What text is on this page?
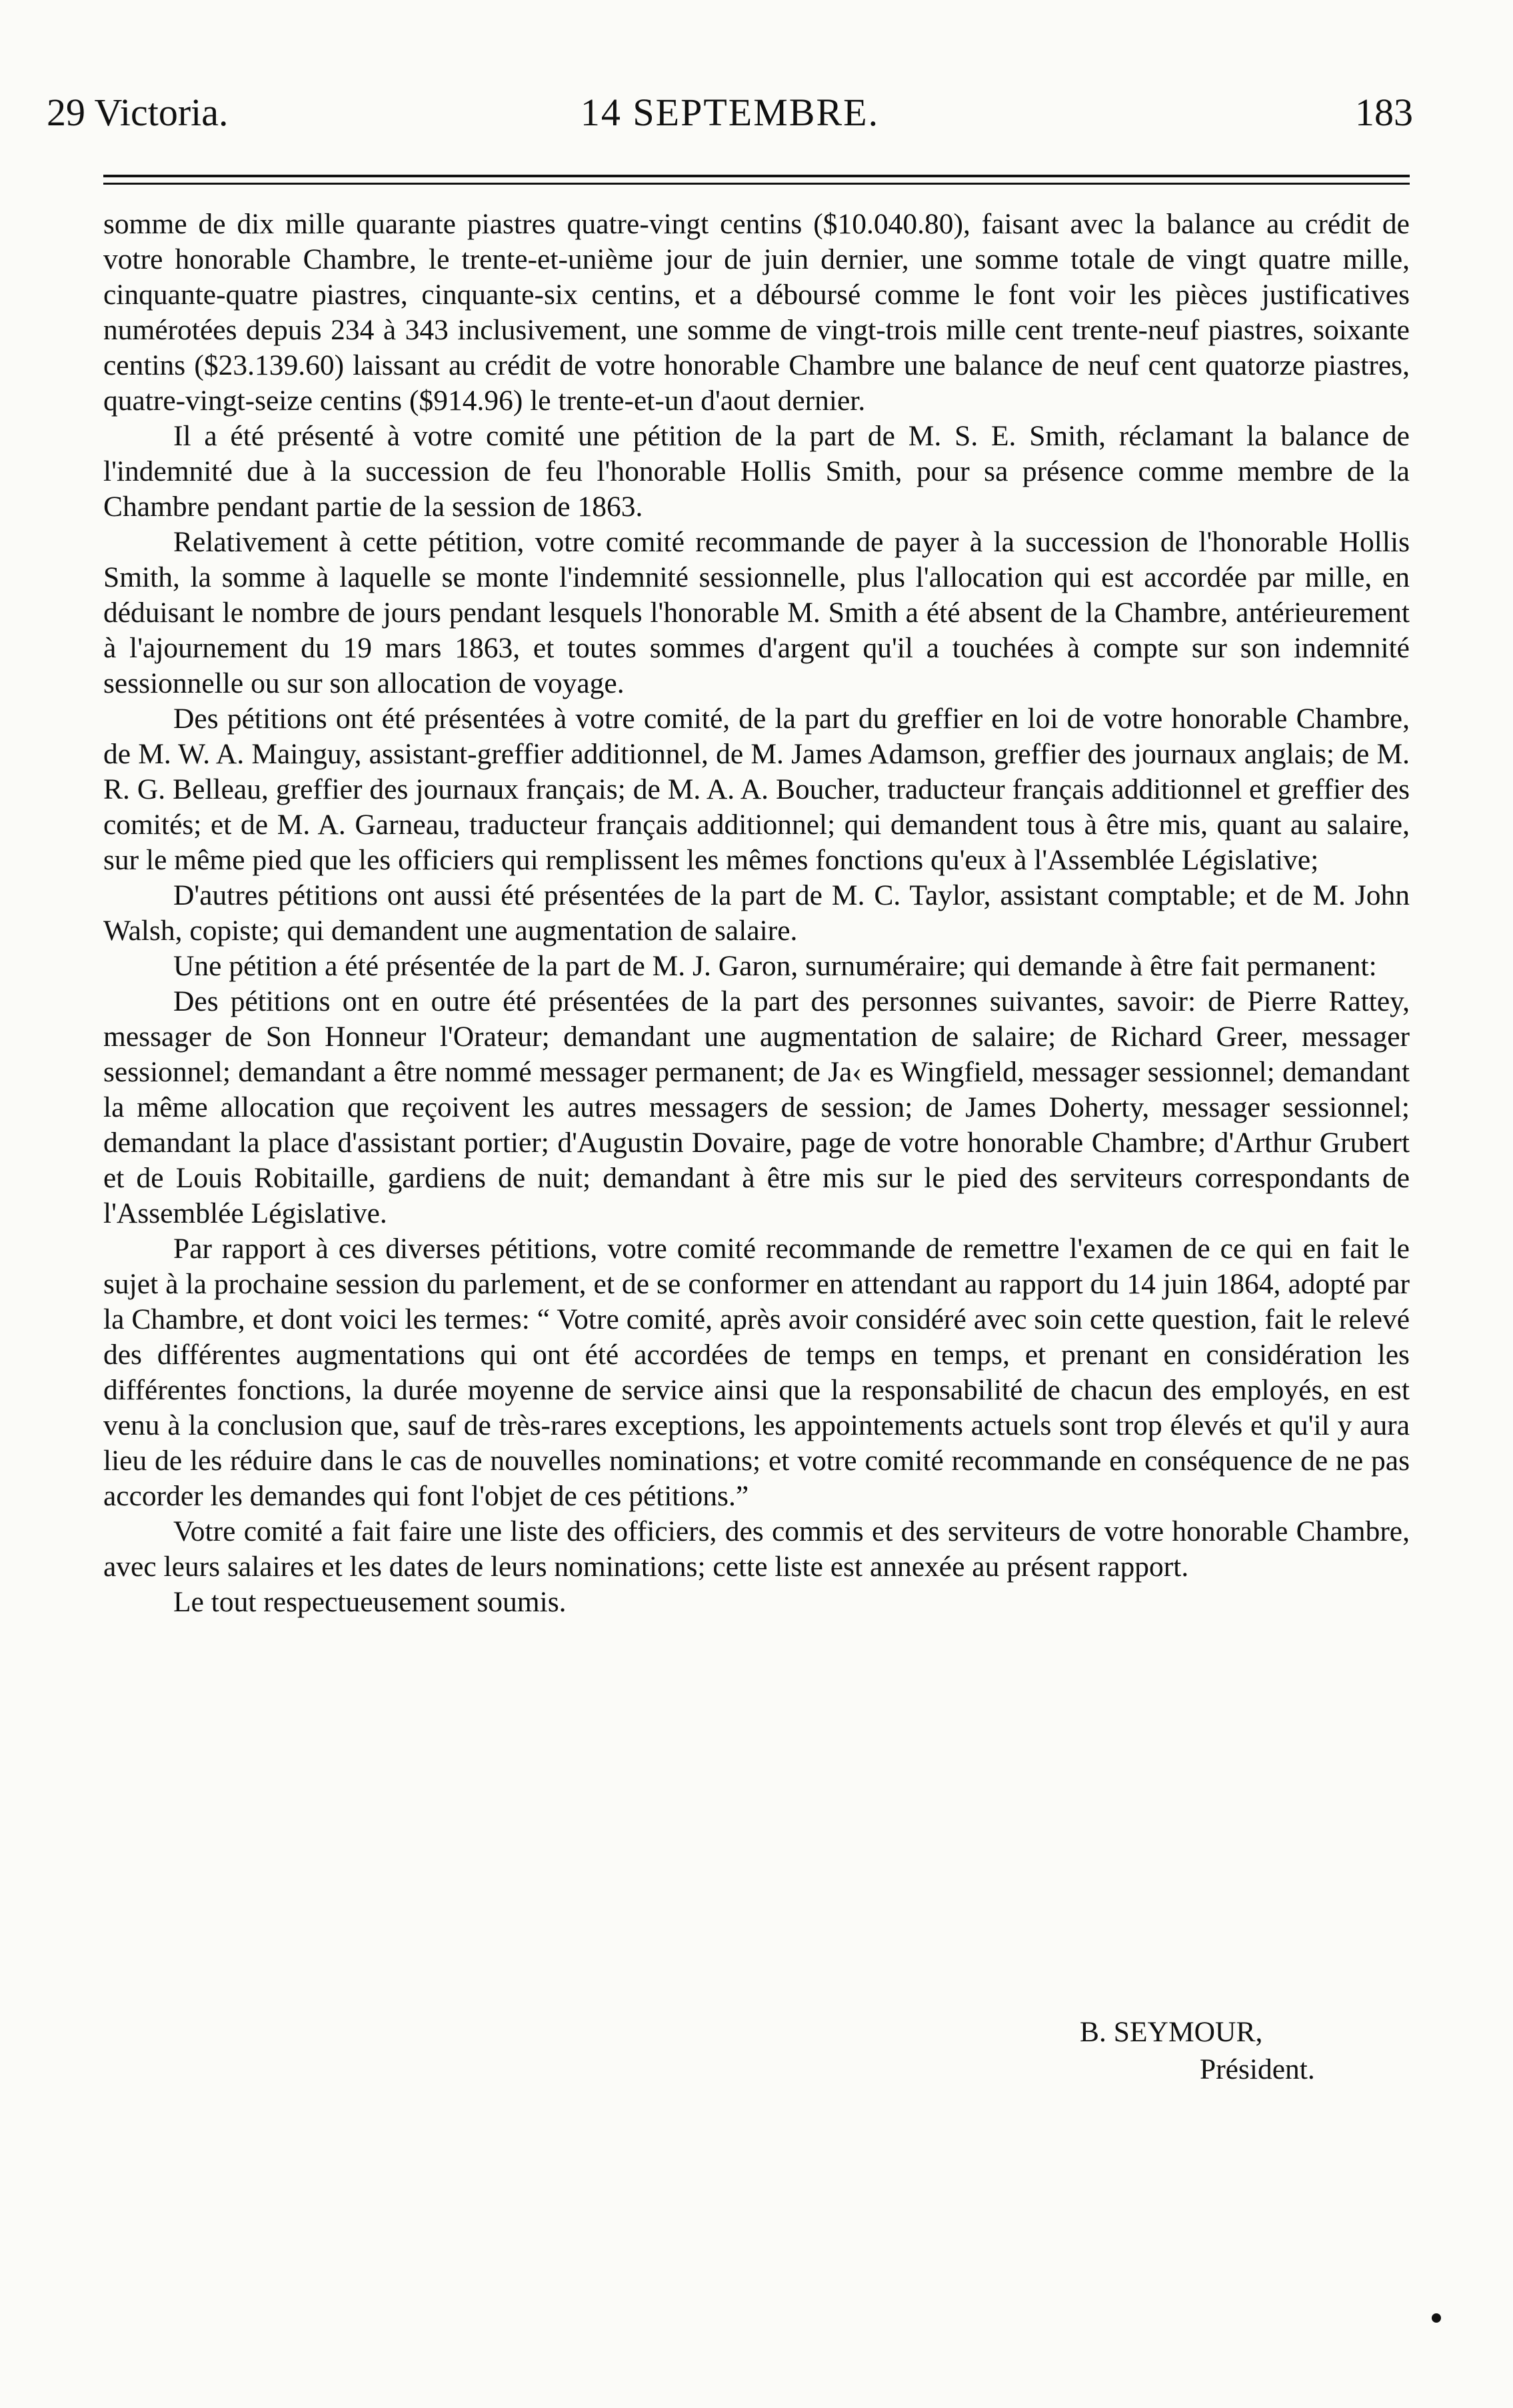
29 Victoria.	14 SEPTEMBRE.	183

somme de dix mille quarante piastres quatre-vingt centins ($10.040.80), faisant avec la balance au crédit de votre honorable Chambre, le trente-et-unième jour de juin dernier, une somme totale de vingt quatre mille, cinquante-quatre piastres, cinquante-six centins, et a déboursé comme le font voir les pièces justificatives numérotées depuis 234 à 343 inclusivement, une somme de vingt-trois mille cent trente-neuf piastres, soixante centins ($23.139.60) laissant au crédit de votre honorable Chambre une balance de neuf cent quatorze piastres, quatre-vingt-seize centins ($914.96) le trente-et-un d'aout dernier.

Il a été présenté à votre comité une pétition de la part de M. S. E. Smith, réclamant la balance de l'indemnité due à la succession de feu l'honorable Hollis Smith, pour sa présence comme membre de la Chambre pendant partie de la session de 1863.

Relativement à cette pétition, votre comité recommande de payer à la succession de l'honorable Hollis Smith, la somme à laquelle se monte l'indemnité sessionnelle, plus l'allocation qui est accordée par mille, en déduisant le nombre de jours pendant lesquels l'honorable M. Smith a été absent de la Chambre, antérieurement à l'ajournement du 19 mars 1863, et toutes sommes d'argent qu'il a touchées à compte sur son indemnité sessionnelle ou sur son allocation de voyage.

Des pétitions ont été présentées à votre comité, de la part du greffier en loi de votre honorable Chambre, de M. W. A. Mainguy, assistant-greffier additionnel, de M. James Adamson, greffier des journaux anglais; de M. R. G. Belleau, greffier des journaux français; de M. A. A. Boucher, traducteur français additionnel et greffier des comités; et de M. A. Garneau, traducteur français additionnel; qui demandent tous à être mis, quant au salaire, sur le même pied que les officiers qui remplissent les mêmes fonctions qu'eux à l'Assemblée Législative;

D'autres pétitions ont aussi été présentées de la part de M. C. Taylor, assistant comptable; et de M. John Walsh, copiste; qui demandent une augmentation de salaire.

Une pétition a été présentée de la part de M. J. Garon, surnuméraire; qui demande à être fait permanent:

Des pétitions ont en outre été présentées de la part des personnes suivantes, savoir: de Pierre Rattey, messager de Son Honneur l'Orateur; demandant une augmentation de salaire; de Richard Greer, messager sessionnel; demandant a être nommé messager permanent; de Ja‹ es Wingfield, messager sessionnel; demandant la même allocation que reçoivent les autres messagers de session; de James Doherty, messager sessionnel; demandant la place d'assistant portier; d'Augustin Dovaire, page de votre honorable Chambre; d'Arthur Grubert et de Louis Robitaille, gardiens de nuit; demandant à être mis sur le pied des serviteurs correspondants de l'Assemblée Législative.

Par rapport à ces diverses pétitions, votre comité recommande de remettre l'examen de ce qui en fait le sujet à la prochaine session du parlement, et de se conformer en attendant au rapport du 14 juin 1864, adopté par la Chambre, et dont voici les termes: “ Votre comité, après avoir considéré avec soin cette question, fait le relevé des différentes augmentations qui ont été accordées de temps en temps, et prenant en considération les différentes fonctions, la durée moyenne de service ainsi que la responsabilité de chacun des employés, en est venu à la conclusion que, sauf de très-rares exceptions, les appointements actuels sont trop élevés et qu'il y aura lieu de les réduire dans le cas de nouvelles nominations; et votre comité recommande en conséquence de ne pas accorder les demandes qui font l'objet de ces pétitions.”

Votre comité a fait faire une liste des officiers, des commis et des serviteurs de votre honorable Chambre, avec leurs salaires et les dates de leurs nominations; cette liste est annexée au présent rapport.

Le tout respectueusement soumis.

B. SEYMOUR,
Président.
